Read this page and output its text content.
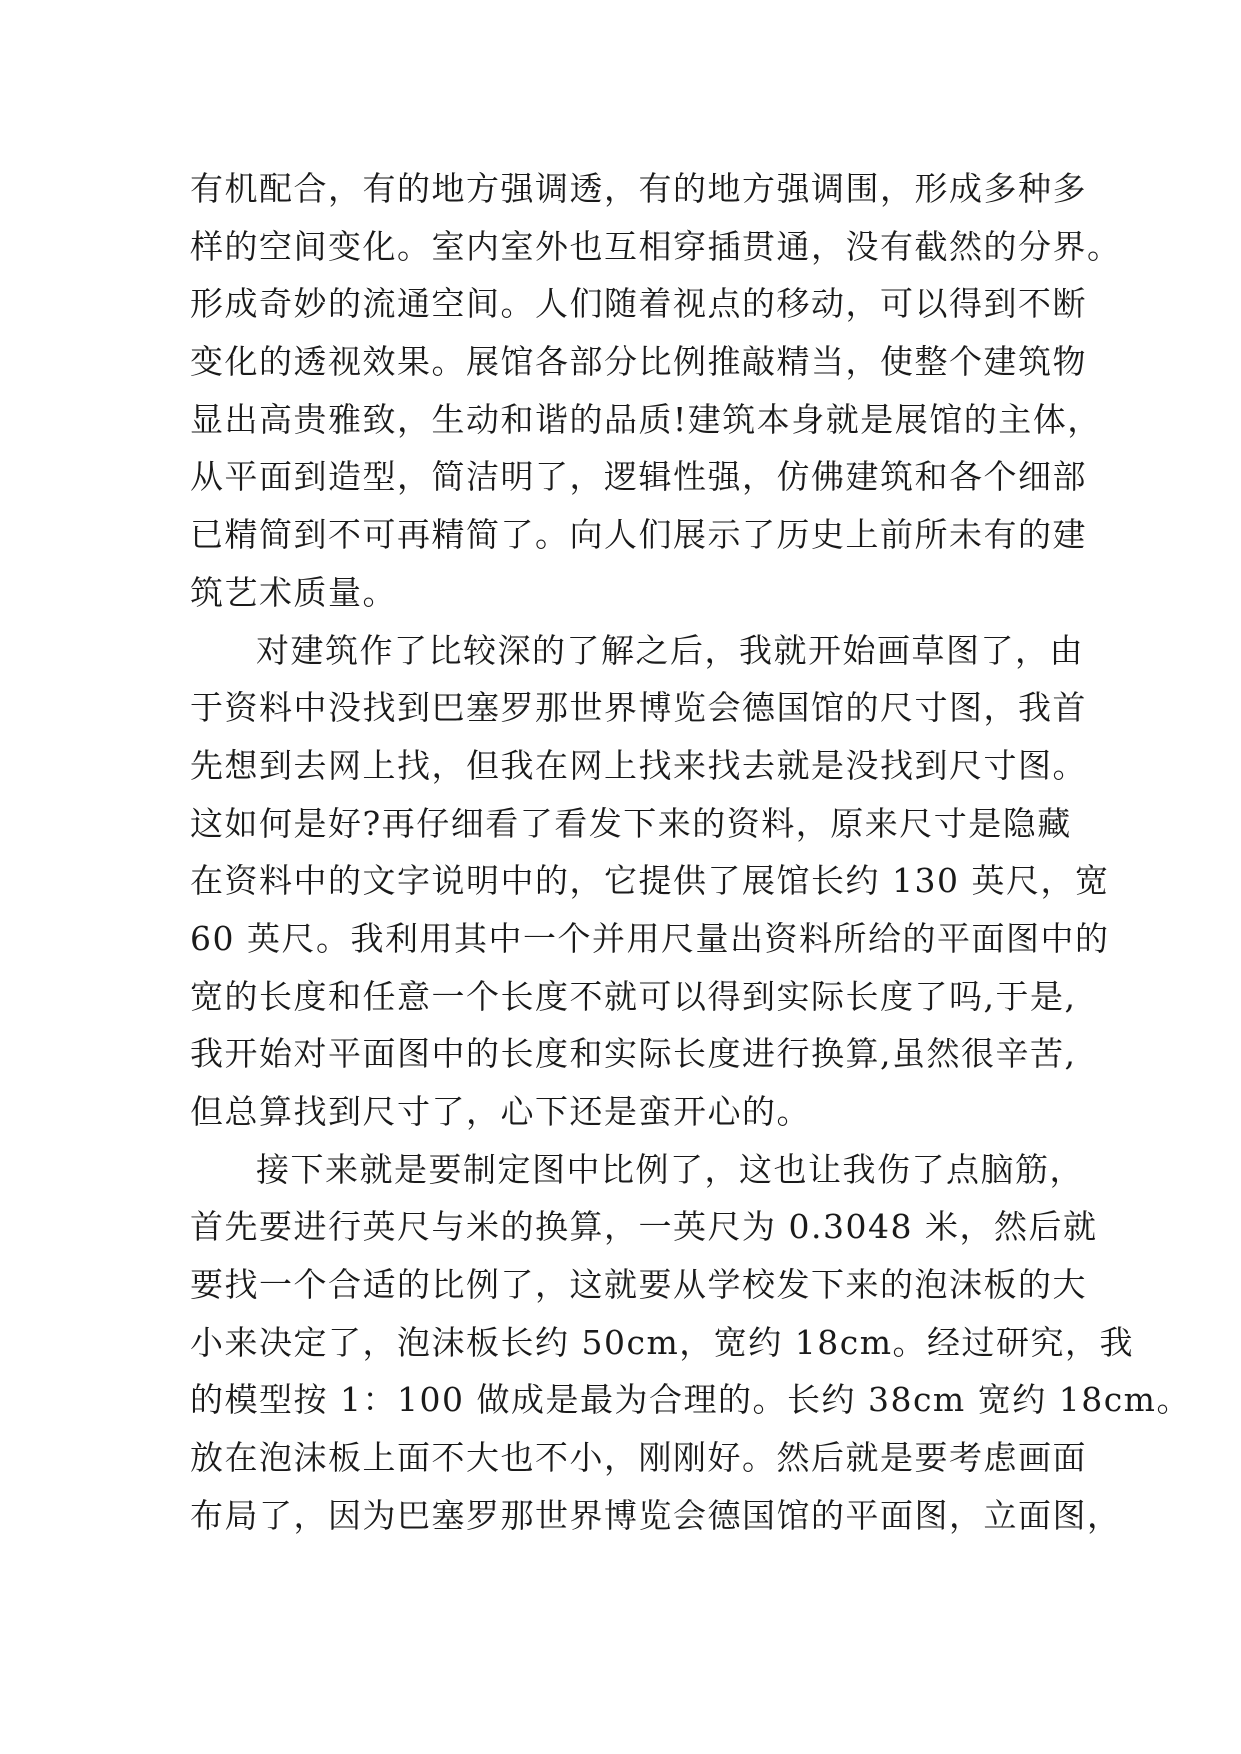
有机配合，有的地方强调透，有的地方强调围，形成多种多
样的空间变化。室内室外也互相穿插贯通，没有截然的分界。
形成奇妙的流通空间。人们随着视点的移动，可以得到不断
变化的透视效果。展馆各部分比例推敲精当，使整个建筑物
显出高贵雅致，生动和谐的品质!建筑本身就是展馆的主体，
从平面到造型，简洁明了，逻辑性强，仿佛建筑和各个细部
已精简到不可再精简了。向人们展示了历史上前所未有的建
筑艺术质量。
对建筑作了比较深的了解之后，我就开始画草图了，由
于资料中没找到巴塞罗那世界博览会德国馆的尺寸图，我首
先想到去网上找，但我在网上找来找去就是没找到尺寸图。
这如何是好?再仔细看了看发下来的资料，原来尺寸是隐藏
在资料中的文字说明中的，它提供了展馆长约 130 英尺，宽
60 英尺。我利用其中一个并用尺量出资料所给的平面图中的
宽的长度和任意一个长度不就可以得到实际长度了吗,于是,
我开始对平面图中的长度和实际长度进行换算,虽然很辛苦,
但总算找到尺寸了，心下还是蛮开心的。
接下来就是要制定图中比例了，这也让我伤了点脑筋，
首先要进行英尺与米的换算，一英尺为 0.3048 米，然后就
要找一个合适的比例了，这就要从学校发下来的泡沫板的大
小来决定了，泡沫板长约 50cm，宽约 18cm。经过研究，我
的模型按 1：100 做成是最为合理的。长约 38cm 宽约 18cm。
放在泡沫板上面不大也不小，刚刚好。然后就是要考虑画面
布局了，因为巴塞罗那世界博览会德国馆的平面图，立面图，
